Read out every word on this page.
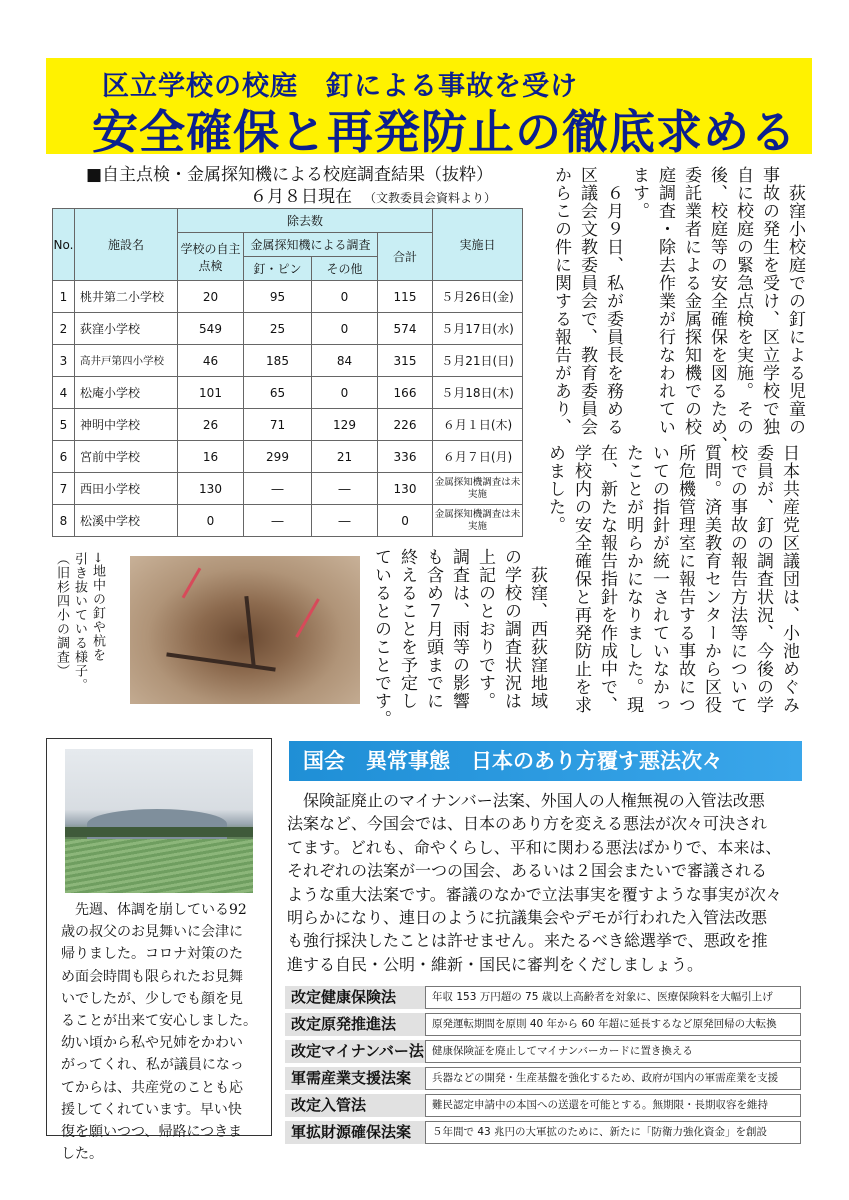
区立学校の校庭　釘による事故を受け
安全確保と再発防止の徹底求める
■自主点検・金属探知機による校庭調査結果（抜粋）
６月８日現在 （文教委員会資料より）
No.	施設名	除去数				実施日
		学校の自主点検	金属探知機による調査		合計	
			釘・ピン	その他		
1	桃井第二小学校	20	95	0	115	５月26日(金)
2	荻窪小学校	549	25	0	574	５月17日(水)
3	高井戸第四小学校	46	185	84	315	５月21日(日)
4	松庵小学校	101	65	0	166	５月18日(木)
5	神明中学校	26	71	129	226	６月１日(木)
6	宮前中学校	16	299	21	336	６月７日(月)
7	西田小学校	130	―	―	130	金属探知機調査は未実施
8	松溪中学校	0	―	―	0	金属探知機調査は未実施
　荻窪小校庭での釘による児童の
事故の発生を受け、区立学校で独
自に校庭の緊急点検を実施。その
後、校庭等の安全確保を図るため、
委託業者による金属探知機での校
庭調査・除去作業が行なわれてい
ます。
　６月９日、私が委員長を務める
区議会文教委員会で、教育委員会
からこの件に関する報告があり、
日本共産党区議団は、小池めぐみ
委員が、釘の調査状況、今後の学
校での事故の報告方法等について
質問。済美教育センターから区役
所危機管理室に報告する事故につ
いての指針が統一されていなかっ
たことが明らかになりました。現
在、新たな報告指針を作成中で、
学校内の安全確保と再発防止を求
めました。
　荻窪、西荻窪地域
の学校の調査状況は
上記のとおりです。
調査は、雨等の影響
も含め７月頭までに
終えることを予定し
ているとのことです。
→地中の釘や杭を
引き抜いている様子。
（旧杉四小の調査）
　先週、体調を崩している92
歳の叔父のお見舞いに会津に
帰りました。コロナ対策のた
め面会時間も限られたお見舞
いでしたが、少しでも顔を見
ることが出来て安心しました。
幼い頃から私や兄姉をかわい
がってくれ、私が議員になっ
てからは、共産党のことも応
援してくれています。早い快
復を願いつつ、帰路につきま
した。
国会　異常事態　日本のあり方覆す悪法次々
　保険証廃止のマイナンバー法案、外国人の人権無視の入管法改悪
法案など、今国会では、日本のあり方を変える悪法が次々可決され
てます。どれも、命やくらし、平和に関わる悪法ばかりで、本来は、
それぞれの法案が一つの国会、あるいは２国会またいで審議される
ような重大法案です。審議のなかで立法事実を覆すような事実が次々
明らかになり、連日のように抗議集会やデモが行われた入管法改悪
も強行採決したことは許せません。来たるべき総選挙で、悪政を推
進する自民・公明・維新・国民に審判をくだしましょう。
改定健康保険法	年収 153 万円超の 75 歳以上高齢者を対象に、医療保険料を大幅引上げ
改定原発推進法	原発運転期間を原則 40 年から 60 年超に延長するなど原発回帰の大転換
改定マイナンバー法 健康保険証を廃止してマイナンバーカードに置き換える
軍需産業支援法案	兵器などの開発・生産基盤を強化するため、政府が国内の軍需産業を支援
改定入管法	難民認定申請中の本国への送還を可能とする。無期限・長期収容を維持
軍拡財源確保法案	５年間で 43 兆円の大軍拡のために、新たに「防衛力強化資金」を創設
